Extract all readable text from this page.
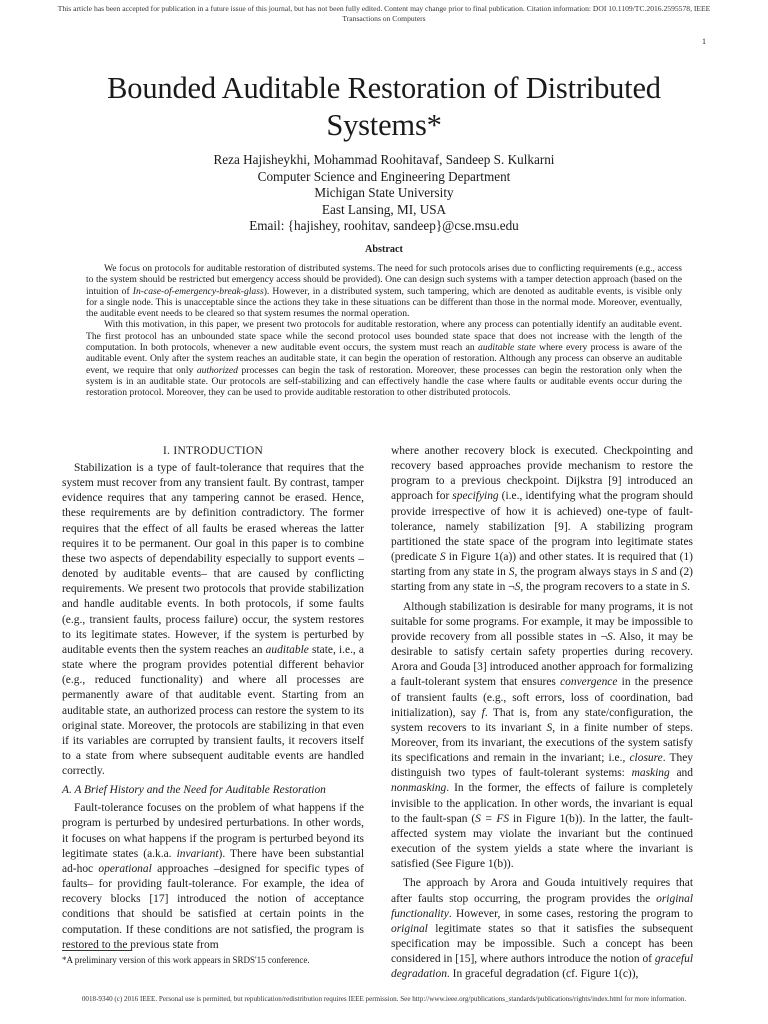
This article has been accepted for publication in a future issue of this journal, but has not been fully edited. Content may change prior to final publication. Citation information: DOI 10.1109/TC.2016.2595578, IEEE
Transactions on Computers
1
Bounded Auditable Restoration of Distributed
Systems*
Reza Hajisheykhi, Mohammad Roohitavaf, Sandeep S. Kulkarni
Computer Science and Engineering Department
Michigan State University
East Lansing, MI, USA
Email: {hajishey, roohitav, sandeep}@cse.msu.edu
Abstract

We focus on protocols for auditable restoration of distributed systems. The need for such protocols arises due to conflicting requirements (e.g., access to the system should be restricted but emergency access should be provided). One can design such systems with a tamper detection approach (based on the intuition of In-case-of-emergency-break-glass). However, in a distributed system, such tampering, which are denoted as auditable events, is visible only for a single node. This is unacceptable since the actions they take in these situations can be different than those in the normal mode. Moreover, eventually, the auditable event needs to be cleared so that system resumes the normal operation.

With this motivation, in this paper, we present two protocols for auditable restoration, where any process can potentially identify an auditable event. The first protocol has an unbounded state space while the second protocol uses bounded state space that does not increase with the length of the computation. In both protocols, whenever a new auditable event occurs, the system must reach an auditable state where every process is aware of the auditable event. Only after the system reaches an auditable state, it can begin the operation of restoration. Although any process can observe an auditable event, we require that only authorized processes can begin the task of restoration. Moreover, these processes can begin the restoration only when the system is in an auditable state. Our protocols are self-stabilizing and can effectively handle the case where faults or auditable events occur during the restoration protocol. Moreover, they can be used to provide auditable restoration to other distributed protocols.

I. INTRODUCTION

Stabilization is a type of fault-tolerance that requires that the system must recover from any transient fault. By contrast, tamper evidence requires that any tampering cannot be erased. Hence, these requirements are by definition contradictory. The former requires that the effect of all faults be erased whereas the latter requires it to be permanent. Our goal in this paper is to combine these two aspects of dependability especially to support events –denoted by auditable events– that are caused by conflicting requirements. We present two protocols that provide stabilization and handle auditable events. In both protocols, if some faults (e.g., transient faults, process failure) occur, the system restores to its legitimate states. However, if the system is perturbed by auditable events then the system reaches an auditable state, i.e., a state where the program provides potential different behavior (e.g., reduced functionality) and where all processes are permanently aware of that auditable event. Starting from an auditable state, an authorized process can restore the system to its original state. Moreover, the protocols are stabilizing in that even if its variables are corrupted by transient faults, it recovers itself to a state from where subsequent auditable events are handled correctly.

A. A Brief History and the Need for Auditable Restoration

Fault-tolerance focuses on the problem of what happens if the program is perturbed by undesired perturbations. In other words, it focuses on what happens if the program is perturbed beyond its legitimate states (a.k.a. invariant). There have been substantial ad-hoc operational approaches –designed for specific types of faults– for providing fault-tolerance. For example, the idea of recovery blocks [17] introduced the notion of acceptance conditions that should be satisfied at certain points in the computation. If these conditions are not satisfied, the program is restored to the previous state from

where another recovery block is executed. Checkpointing and recovery based approaches provide mechanism to restore the program to a previous checkpoint. Dijkstra [9] introduced an approach for specifying (i.e., identifying what the program should provide irrespective of how it is achieved) one-type of fault-tolerance, namely stabilization [9]. A stabilizing program partitioned the state space of the program into legitimate states (predicate S in Figure 1(a)) and other states. It is required that (1) starting from any state in S, the program always stays in S and (2) starting from any state in ¬S, the program recovers to a state in S.

Although stabilization is desirable for many programs, it is not suitable for some programs. For example, it may be impossible to provide recovery from all possible states in ¬S. Also, it may be desirable to satisfy certain safety properties during recovery. Arora and Gouda [3] introduced another approach for formalizing a fault-tolerant system that ensures convergence in the presence of transient faults (e.g., soft errors, loss of coordination, bad initialization), say f. That is, from any state/configuration, the system recovers to its invariant S, in a finite number of steps. Moreover, from its invariant, the executions of the system satisfy its specifications and remain in the invariant; i.e., closure. They distinguish two types of fault-tolerant systems: masking and nonmasking. In the former, the effects of failure is completely invisible to the application. In other words, the invariant is equal to the fault-span (S = FS in Figure 1(b)). In the latter, the fault-affected system may violate the invariant but the continued execution of the system yields a state where the invariant is satisfied (See Figure 1(b)).

The approach by Arora and Gouda intuitively requires that after faults stop occurring, the program provides the original functionality. However, in some cases, restoring the program to original legitimate states so that it satisfies the subsequent specification may be impossible. Such a concept has been considered in [15], where authors introduce the notion of graceful degradation. In graceful degradation (cf. Figure 1(c)),

*A preliminary version of this work appears in SRDS'15 conference.
0018-9340 (c) 2016 IEEE. Personal use is permitted, but republication/redistribution requires IEEE permission. See http://www.ieee.org/publications_standards/publications/rights/index.html for more information.
